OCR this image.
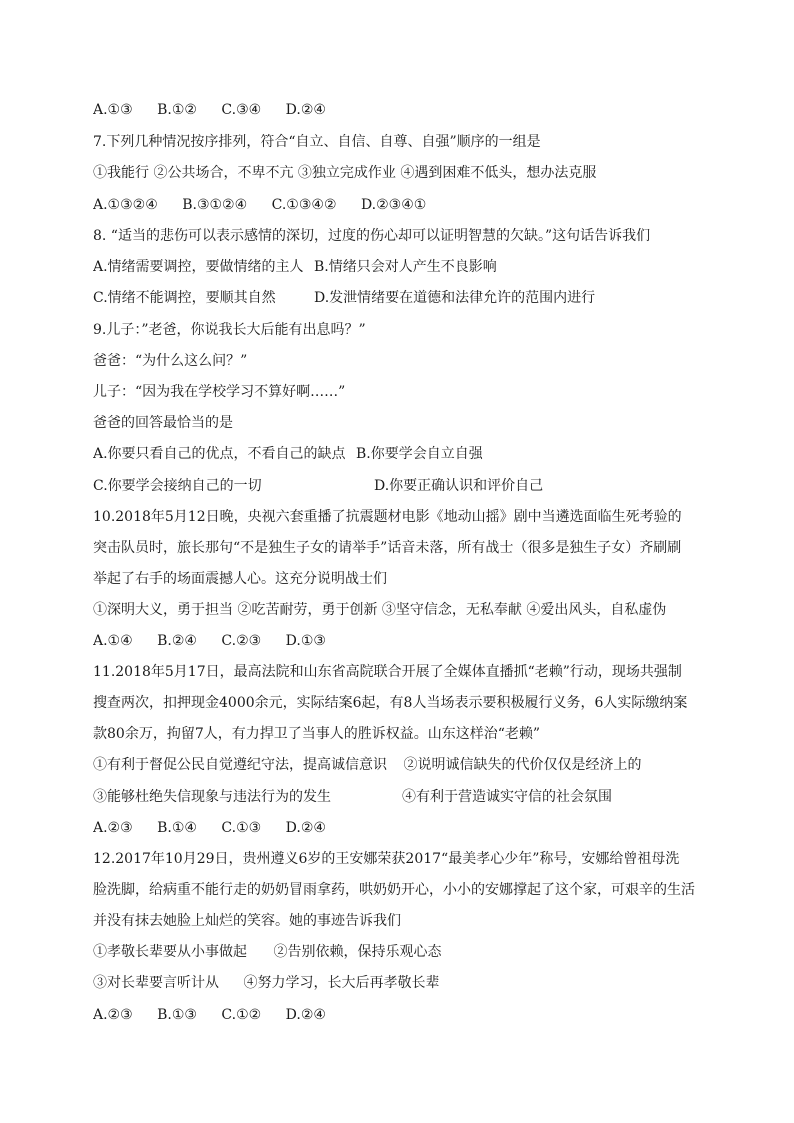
A.①③ B.①② C.③④ D.②④
7.下列几种情况按序排列，符合“自立、自信、自尊、自强”顺序的一组是
①我能行 ②公共场合，不卑不亢 ③独立完成作业 ④遇到困难不低头，想办法克服
A.①③②④ B.③①②④ C.①③④② D.②③④①
8. “适当的悲伤可以表示感情的深切，过度的伤心却可以证明智慧的欠缺。”这句话告诉我们
A.情绪需要调控，要做情绪的主人 B.情绪只会对人产生不良影响
C.情绪不能调控，要顺其自然	D.发泄情绪要在道德和法律允许的范围内进行
9.儿子：”老爸，你说我长大后能有出息吗？”
爸爸：“为什么这么问？”
儿子：“因为我在学校学习不算好啊……”
爸爸的回答最恰当的是
A.你要只看自己的优点，不看自己的缺点 B.你要学会自立自强
C.你要学会接纳自己的一切	D.你要正确认识和评价自己
10.2018年5月12日晚，央视六套重播了抗震题材电影《地动山摇》剧中当遴选面临生死考验的
突击队员时，旅长那句“不是独生子女的请举手”话音未落，所有战士（很多是独生子女）齐刷刷
举起了右手的场面震撼人心。这充分说明战士们
①深明大义，勇于担当 ②吃苦耐劳，勇于创新 ③坚守信念，无私奉献 ④爱出风头，自私虚伪
A.①④ B.②④ C.②③ D.①③
11.2018年5月17日，最高法院和山东省高院联合开展了全媒体直播抓“老赖”行动，现场共强制
搜查两次，扣押现金4000余元，实际结案6起，有8人当场表示要积极履行义务，6人实际缴纳案
款80余万，拘留7人，有力捍卫了当事人的胜诉权益。山东这样治“老赖”
①有利于督促公民自觉遵纪守法，提高诚信意识 ②说明诚信缺失的代价仅仅是经济上的
③能够杜绝失信现象与违法行为的发生	④有利于营造诚实守信的社会氛围
A.②③ B.①④ C.①③ D.②④
12.2017年10月29日，贵州遵义6岁的王安娜荣获2017“最美孝心少年”称号，安娜给曾祖母洗
脸洗脚，给病重不能行走的奶奶冒雨拿药，哄奶奶开心，小小的安娜撑起了这个家，可艰辛的生活
并没有抹去她脸上灿烂的笑容。她的事迹告诉我们
①孝敬长辈要从小事做起 ②告别依赖，保持乐观心态
③对长辈要言听计从 ④努力学习，长大后再孝敬长辈
A.②③ B.①③ C.①② D.②④
